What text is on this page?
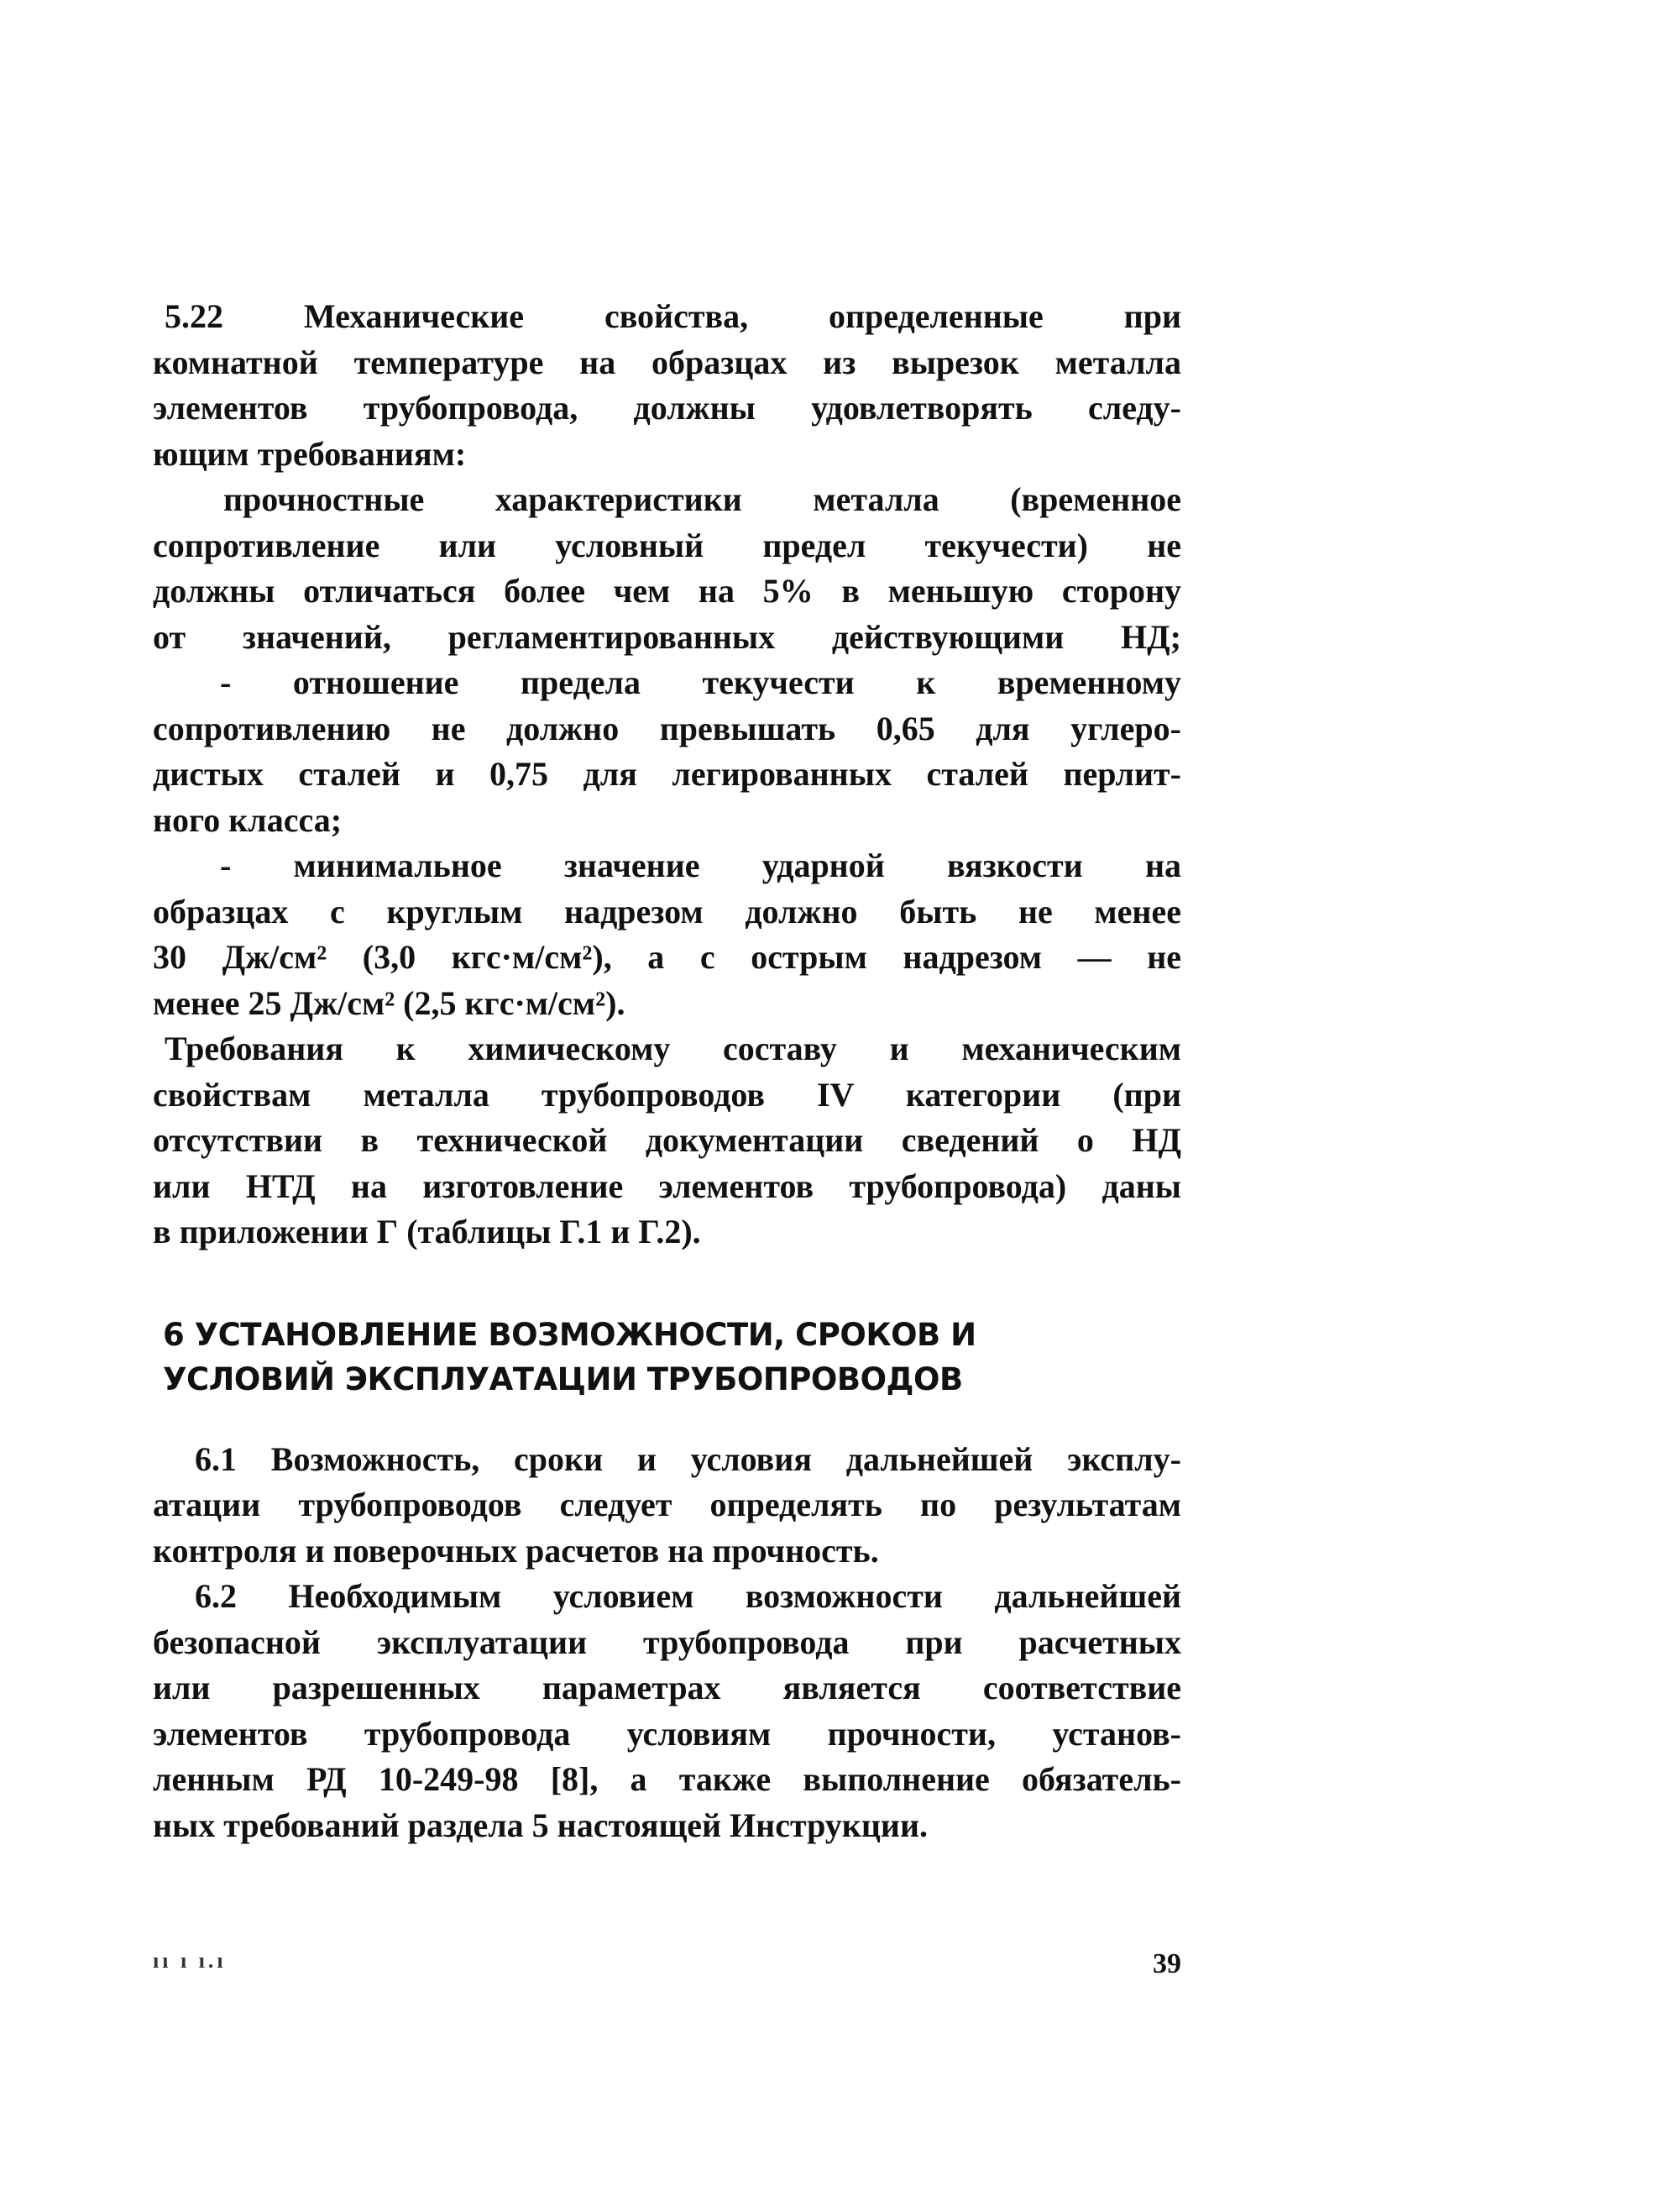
5.22 Механические свойства, определенные при
комнатной температуре на образцах из вырезок металла
элементов трубопровода, должны удовлетворять следу-
ющим требованиям:
прочностные характеристики металла (временное
сопротивление или условный предел текучести) не
должны отличаться более чем на 5% в меньшую сторону
от значений, регламентированных действующими НД;
- отношение предела текучести к временному
сопротивлению не должно превышать 0,65 для углеро-
дистых сталей и 0,75 для легированных сталей перлит-
ного класса;
- минимальное значение ударной вязкости на
образцах с круглым надрезом должно быть не менее
30 Дж/см² (3,0 кгс·м/см²), а с острым надрезом — не
менее 25 Дж/см² (2,5 кгс·м/см²).
Требования к химическому составу и механическим
свойствам металла трубопроводов IV категории (при
отсутствии в технической документации сведений о НД
или НТД на изготовление элементов трубопровода) даны
в приложении Г (таблицы Г.1 и Г.2).
6 УСТАНОВЛЕНИЕ ВОЗМОЖНОСТИ, СРОКОВ И
УСЛОВИЙ ЭКСПЛУАТАЦИИ ТРУБОПРОВОДОВ
6.1 Возможность, сроки и условия дальнейшей эксплу-
атации трубопроводов следует определять по результатам
контроля и поверочных расчетов на прочность.
6.2 Необходимым условием возможности дальнейшей
безопасной эксплуатации трубопровода при расчетных
или разрешенных параметрах является соответствие
элементов трубопровода условиям прочности, установ-
ленным РД 10-249-98 [8], а также выполнение обязатель-
ных требований раздела 5 настоящей Инструкции.
ıı ı ı.ı	39
